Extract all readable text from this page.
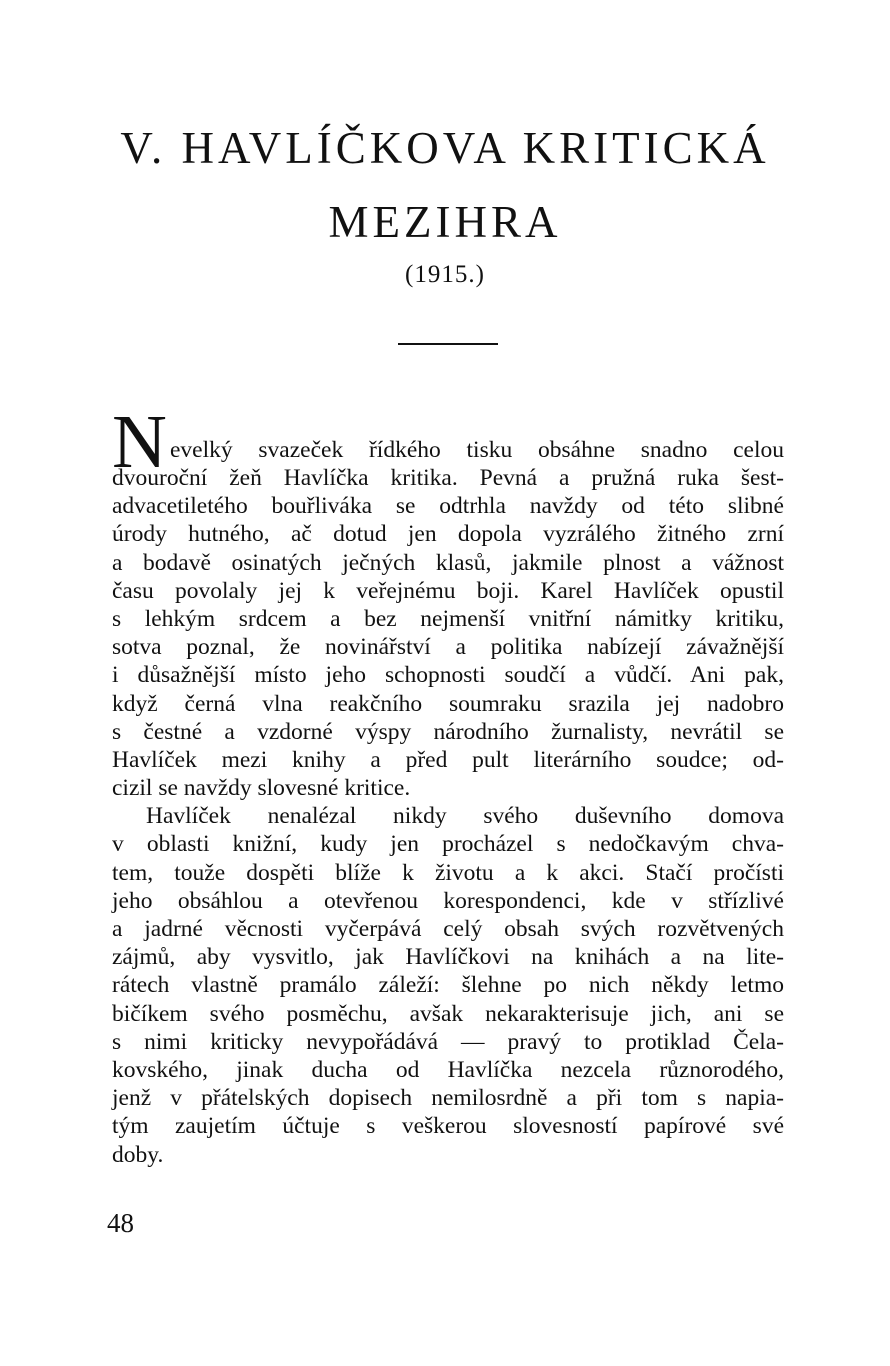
V. HAVLÍČKOVA KRITICKÁ
MEZIHRA
(1915.)
N evelký svazeček řídkého tisku obsáhne snadno celou
dvouroční žeň Havlíčka kritika. Pevná a pružná ruka šest-
advacetiletého bouřliváka se odtrhla navždy od této slibné
úrody hutného, ač dotud jen dopola vyzrálého žitného zrní
a bodavě osinatých ječných klasů, jakmile plnost a vážnost
času povolaly jej k veřejnému boji. Karel Havlíček opustil
s lehkým srdcem a bez nejmenší vnitřní námitky kritiku,
sotva poznal, že novinářství a politika nabízejí závažnější
i důsažnější místo jeho schopnosti soudčí a vůdčí. Ani pak,
když černá vlna reakčního soumraku srazila jej nadobro
s čestné a vzdorné výspy národního žurnalisty, nevrátil se
Havlíček mezi knihy a před pult literárního soudce; od-
cizil se navždy slovesné kritice.
Havlíček nenalézal nikdy svého duševního domova
v oblasti knižní, kudy jen procházel s nedočkavým chva-
tem, touže dospěti blíže k životu a k akci. Stačí pročísti
jeho obsáhlou a otevřenou korespondenci, kde v střízlivé
a jadrné věcnosti vyčerpává celý obsah svých rozvětvených
zájmů, aby vysvitlo, jak Havlíčkovi na knihách a na lite-
rátech vlastně pramálo záleží: šlehne po nich někdy letmo
bičíkem svého posměchu, avšak nekarakterisuje jich, ani se
s nimi kriticky nevypořádává — pravý to protiklad Čela-
kovského, jinak ducha od Havlíčka nezcela různorodého,
jenž v přátelských dopisech nemilosrdně a při tom s napia-
tým zaujetím účtuje s veškerou slovesností papírové své
doby.
48
